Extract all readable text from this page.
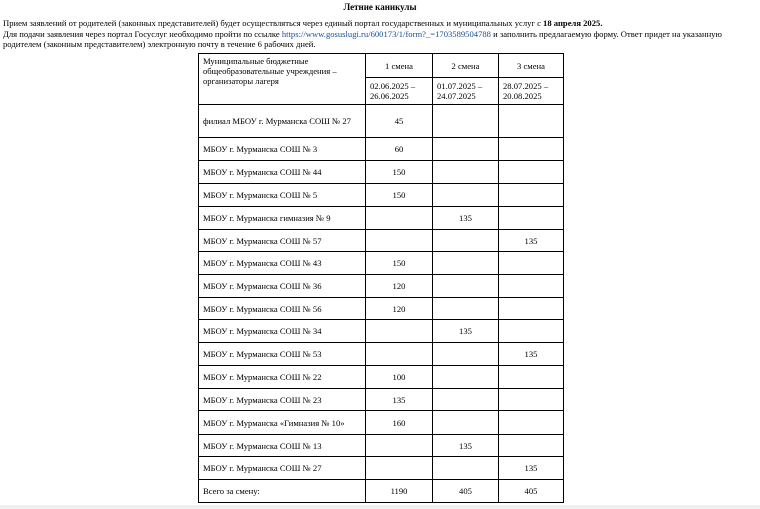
Летние каникулы

Прием заявлений от родителей (законных представителей) будет осуществляться через единый портал государственных и муниципальных услуг с 18 апреля 2025.

Для подачи заявления через портал Госуслуг необходимо пройти по ссылке https://www.gosuslugi.ru/600173/1/form?_=1703589504788 и заполнить предлагаемую форму. Ответ придет на указанную родителем (законным представителем) электронную почту в течение 6 рабочих дней.

Муниципальные бюджетные общеобразовательные учреждения – организаторы лагеря	1 смена	2 смена	3 смена
	02.06.2025 – 26.06.2025	01.07.2025 – 24.07.2025	28.07.2025 – 20.08.2025
филиал МБОУ г. Мурманска СОШ № 27	45		
МБОУ г. Мурманска СОШ № 3	60		
МБОУ г. Мурманска СОШ № 44	150		
МБОУ г. Мурманска СОШ № 5	150		
МБОУ г. Мурманска гимназия № 9		135	
МБОУ г. Мурманска СОШ № 57			135
МБОУ г. Мурманска СОШ № 43	150		
МБОУ г. Мурманска СОШ № 36	120		
МБОУ г. Мурманска СОШ № 56	120		
МБОУ г. Мурманска СОШ № 34		135	
МБОУ г. Мурманска СОШ № 53			135
МБОУ г. Мурманска СОШ № 22	100		
МБОУ г. Мурманска СОШ № 23	135		
МБОУ г. Мурманска «Гимназия № 10»	160		
МБОУ г. Мурманска СОШ № 13		135	
МБОУ г. Мурманска СОШ № 27			135
Всего за смену:	1190	405	405
